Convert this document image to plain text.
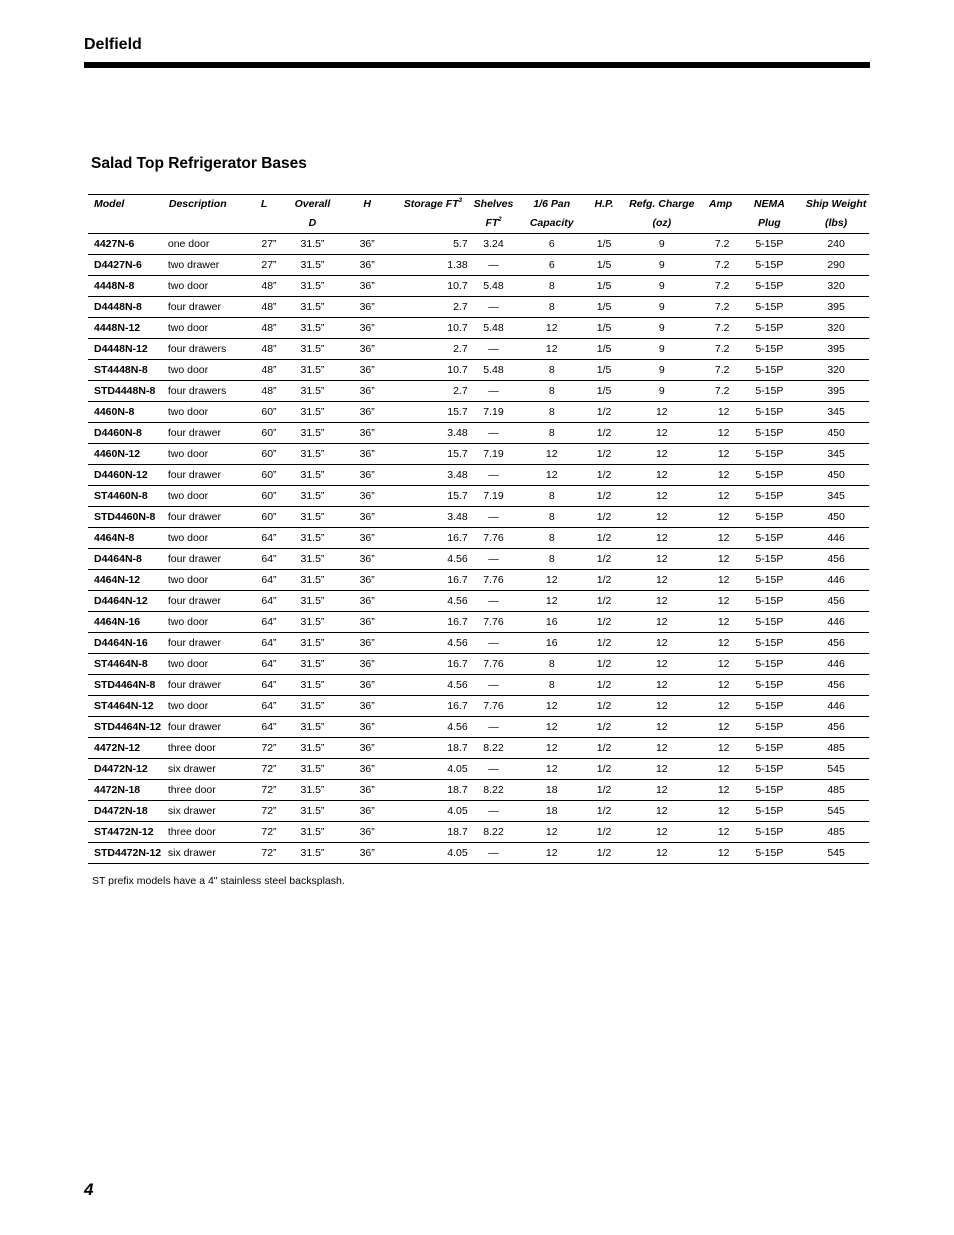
Delfield
Salad Top Refrigerator Bases
Model	Description	L	Overall	H	Storage $FT^3$	Shelves	1/6 Pan	H.P.	Refg. Charge	Amp	NEMA	Ship Weight
			D			$FT^2$	Capacity		(oz)		Plug	(lbs)
4427N-6	one door	27”	31.5”	36”	5.7	3.24	6	1/5	9	7.2	5-15P	240
D4427N-6	two drawer	27”	31.5”	36”	1.38	—	6	1/5	9	7.2	5-15P	290
4448N-8	two door	48”	31.5”	36”	10.7	5.48	8	1/5	9	7.2	5-15P	320
D4448N-8	four drawer	48”	31.5”	36”	2.7	—	8	1/5	9	7.2	5-15P	395
4448N-12	two door	48”	31.5”	36”	10.7	5.48	12	1/5	9	7.2	5-15P	320
D4448N-12	four drawers	48”	31.5”	36”	2.7	—	12	1/5	9	7.2	5-15P	395
ST4448N-8	two door	48”	31.5”	36”	10.7	5.48	8	1/5	9	7.2	5-15P	320
STD4448N-8	four drawers	48”	31.5”	36”	2.7	—	8	1/5	9	7.2	5-15P	395
4460N-8	two door	60”	31.5”	36”	15.7	7.19	8	1/2	12	12	5-15P	345
D4460N-8	four drawer	60”	31.5”	36”	3.48	—	8	1/2	12	12	5-15P	450
4460N-12	two door	60”	31.5”	36”	15.7	7.19	12	1/2	12	12	5-15P	345
D4460N-12	four drawer	60”	31.5”	36”	3.48	—	12	1/2	12	12	5-15P	450
ST4460N-8	two door	60”	31.5”	36”	15.7	7.19	8	1/2	12	12	5-15P	345
STD4460N-8	four drawer	60”	31.5”	36”	3.48	—	8	1/2	12	12	5-15P	450
4464N-8	two door	64”	31.5”	36”	16.7	7.76	8	1/2	12	12	5-15P	446
D4464N-8	four drawer	64”	31.5”	36”	4.56	—	8	1/2	12	12	5-15P	456
4464N-12	two door	64”	31.5”	36”	16.7	7.76	12	1/2	12	12	5-15P	446
D4464N-12	four drawer	64”	31.5”	36”	4.56	—	12	1/2	12	12	5-15P	456
4464N-16	two door	64”	31.5”	36”	16.7	7.76	16	1/2	12	12	5-15P	446
D4464N-16	four drawer	64”	31.5”	36”	4.56	—	16	1/2	12	12	5-15P	456
ST4464N-8	two door	64”	31.5”	36”	16.7	7.76	8	1/2	12	12	5-15P	446
STD4464N-8	four drawer	64”	31.5”	36”	4.56	—	8	1/2	12	12	5-15P	456
ST4464N-12	two door	64”	31.5”	36”	16.7	7.76	12	1/2	12	12	5-15P	446
STD4464N-12	four drawer	64”	31.5”	36”	4.56	—	12	1/2	12	12	5-15P	456
4472N-12	three door	72”	31.5”	36”	18.7	8.22	12	1/2	12	12	5-15P	485
D4472N-12	six drawer	72”	31.5”	36”	4.05	—	12	1/2	12	12	5-15P	545
4472N-18	three door	72”	31.5”	36”	18.7	8.22	18	1/2	12	12	5-15P	485
D4472N-18	six drawer	72”	31.5”	36”	4.05	—	18	1/2	12	12	5-15P	545
ST4472N-12	three door	72”	31.5”	36”	18.7	8.22	12	1/2	12	12	5-15P	485
STD4472N-12	six drawer	72”	31.5”	36”	4.05	—	12	1/2	12	12	5-15P	545
ST prefix models have a 4" stainless steel backsplash.
4
